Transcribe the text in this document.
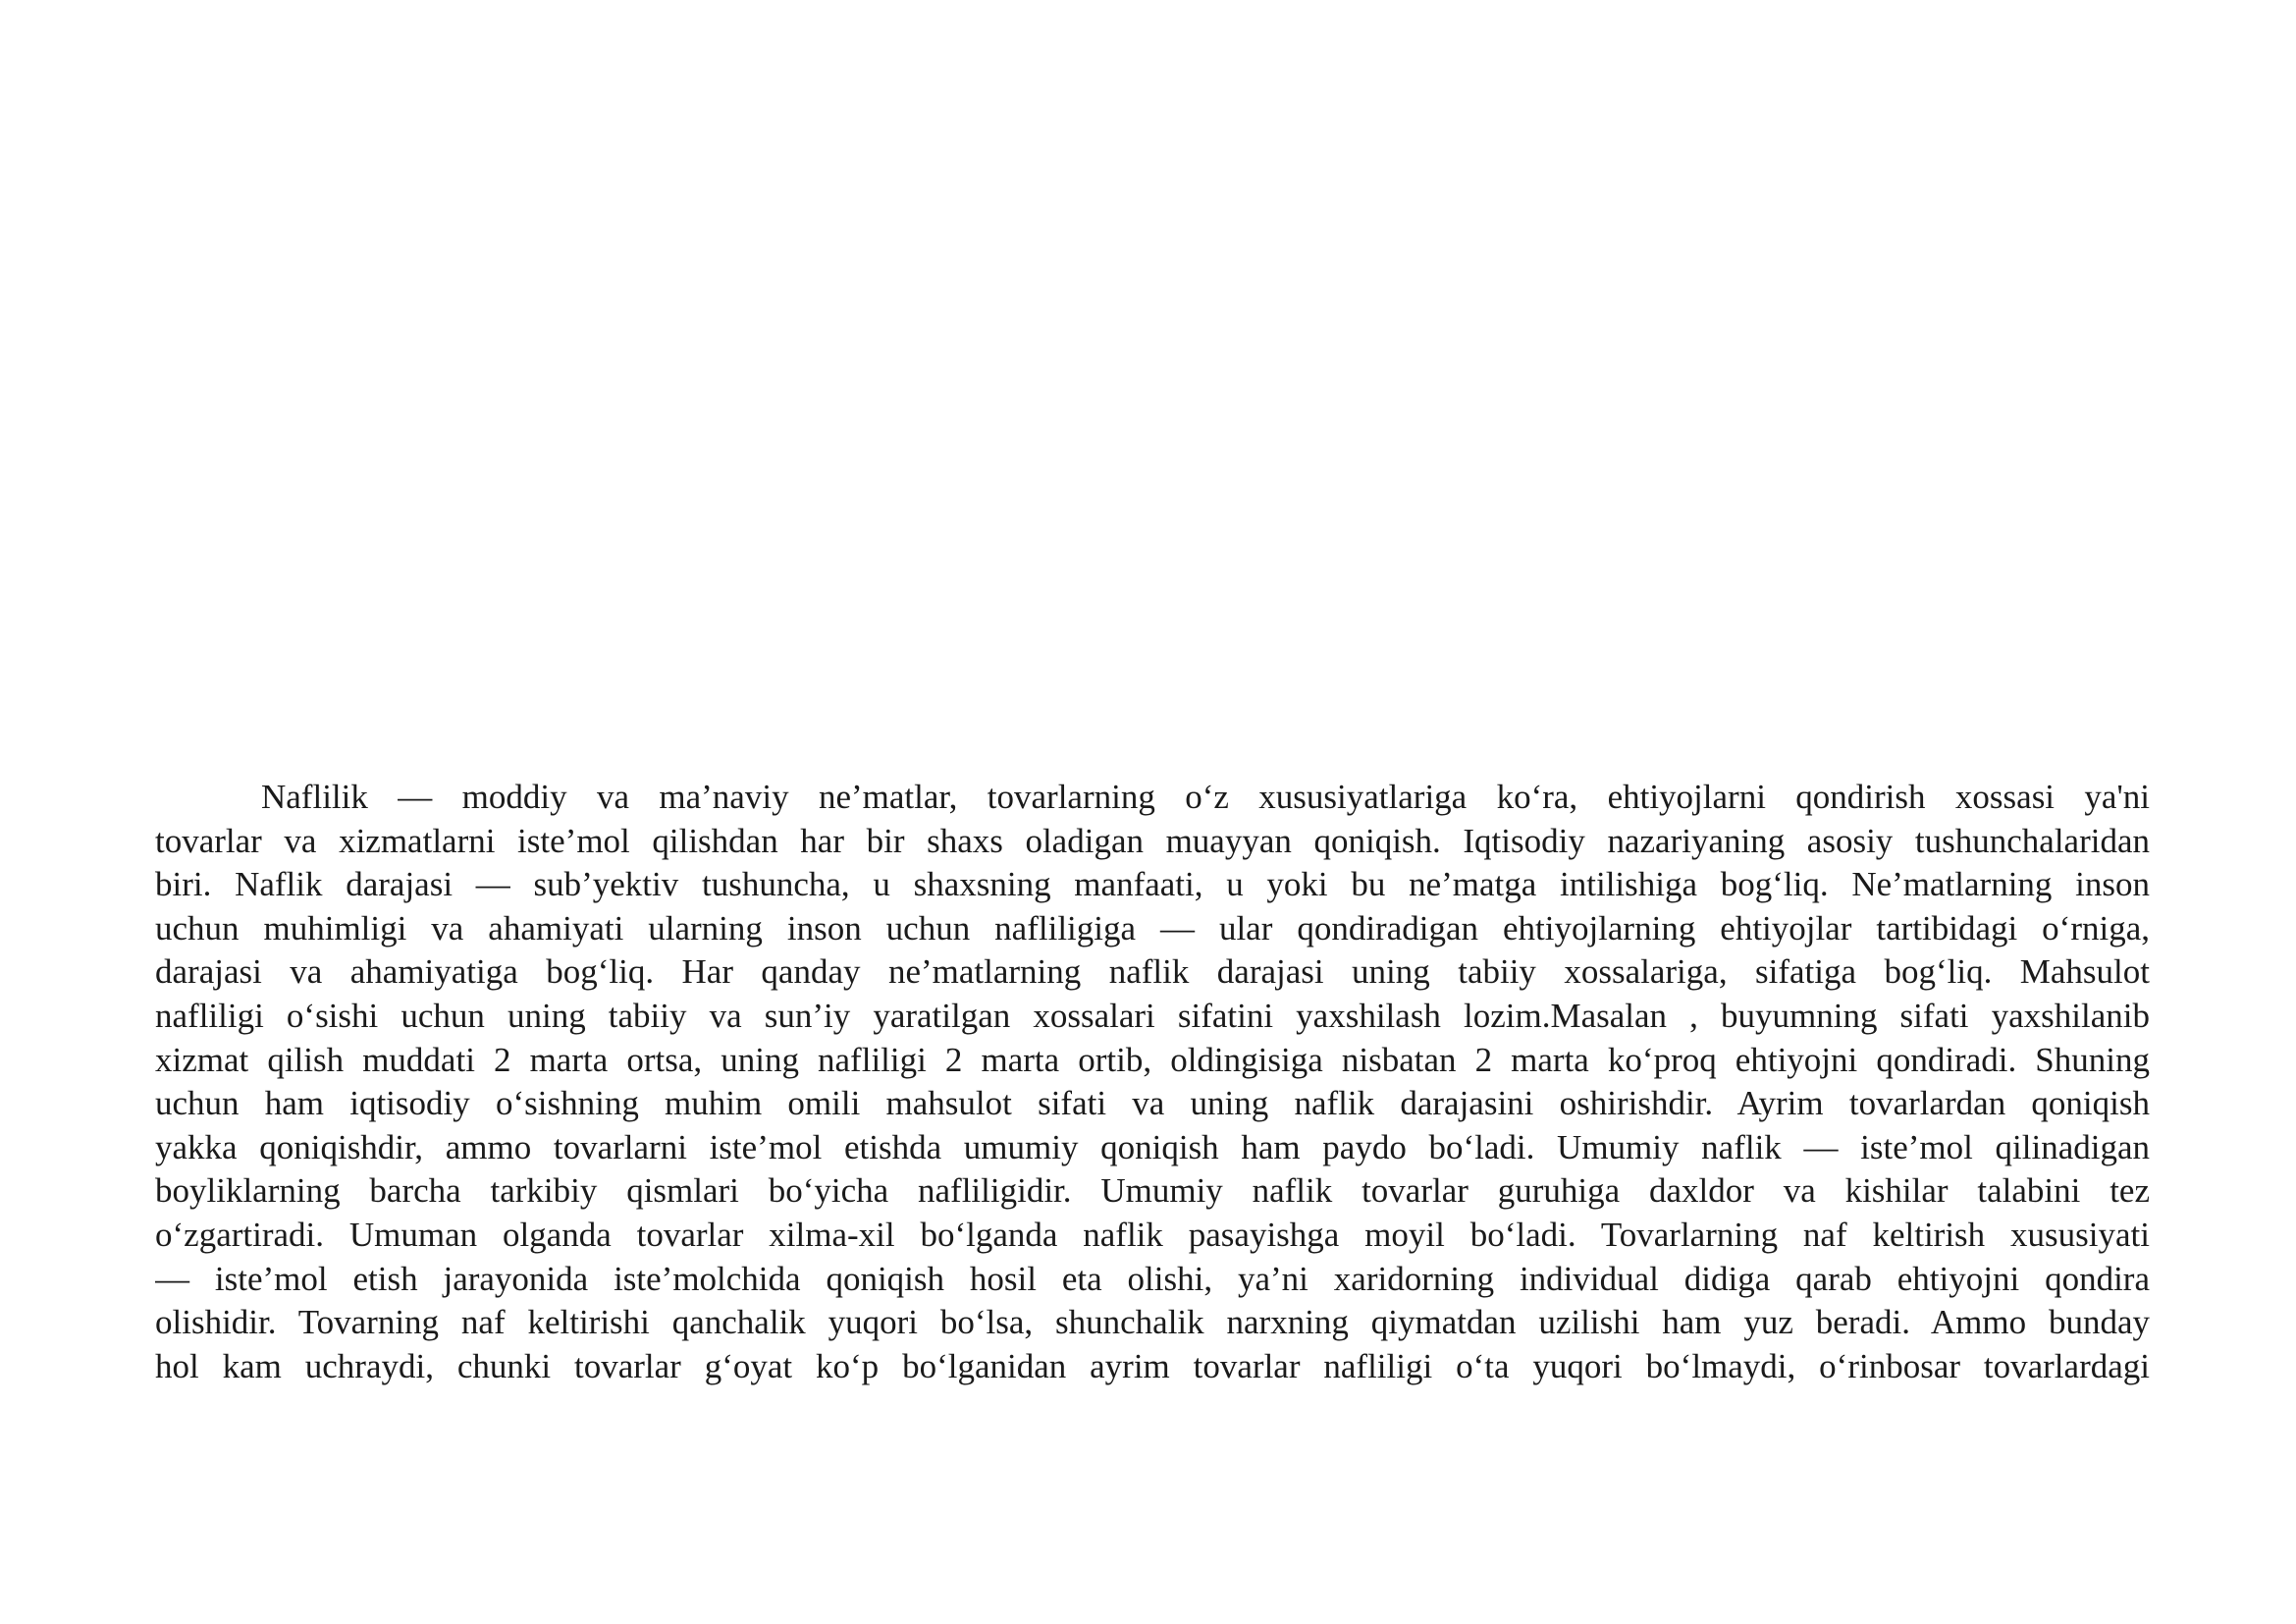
Naflilik — moddiy va ma’naviy ne’matlar, tovarlarning o‘z xususiyatlariga ko‘ra, ehtiyojlarni qondirish xossasi ya'ni
tovarlar va xizmatlarni iste’mol qilishdan har bir shaxs oladigan muayyan qoniqish. Iqtisodiy nazariyaning asosiy tushunchalaridan
biri. Naflik darajasi — sub’yektiv tushuncha, u shaxsning manfaati, u yoki bu ne’matga intilishiga bog‘liq. Ne’matlarning inson
uchun muhimligi va ahamiyati ularning inson uchun nafliligiga — ular qondiradigan ehtiyojlarning ehtiyojlar tartibidagi o‘rniga,
darajasi va ahamiyatiga bog‘liq. Har qanday ne’matlarning naflik darajasi uning tabiiy xossalariga, sifatiga bog‘liq. Mahsulot
nafliligi o‘sishi uchun uning tabiiy va sun’iy yaratilgan xossalari sifatini yaxshilash lozim.Masalan , buyumning sifati yaxshilanib
xizmat qilish muddati 2 marta ortsa, uning nafliligi 2 marta ortib, oldingisiga nisbatan 2 marta ko‘proq ehtiyojni qondiradi. Shuning
uchun ham iqtisodiy o‘sishning muhim omili mahsulot sifati va uning naflik darajasini oshirishdir. Ayrim tovarlardan qoniqish
yakka qoniqishdir, ammo tovarlarni iste’mol etishda umumiy qoniqish ham paydo bo‘ladi. Umumiy naflik — iste’mol qilinadigan
boyliklarning barcha tarkibiy qismlari bo‘yicha nafliligidir. Umumiy naflik tovarlar guruhiga daxldor va kishilar talabini tez
o‘zgartiradi. Umuman olganda tovarlar xilma-xil bo‘lganda naflik pasayishga moyil bo‘ladi. Tovarlarning naf keltirish xususiyati
— iste’mol etish jarayonida iste’molchida qoniqish hosil eta olishi, ya’ni xaridorning individual didiga qarab ehtiyojni qondira
olishidir. Tovarning naf keltirishi qanchalik yuqori bo‘lsa, shunchalik narxning qiymatdan uzilishi ham yuz beradi. Ammo bunday
hol kam uchraydi, chunki tovarlar g‘oyat ko‘p bo‘lganidan ayrim tovarlar nafliligi o‘ta yuqori bo‘lmaydi, o‘rinbosar tovarlardagi
